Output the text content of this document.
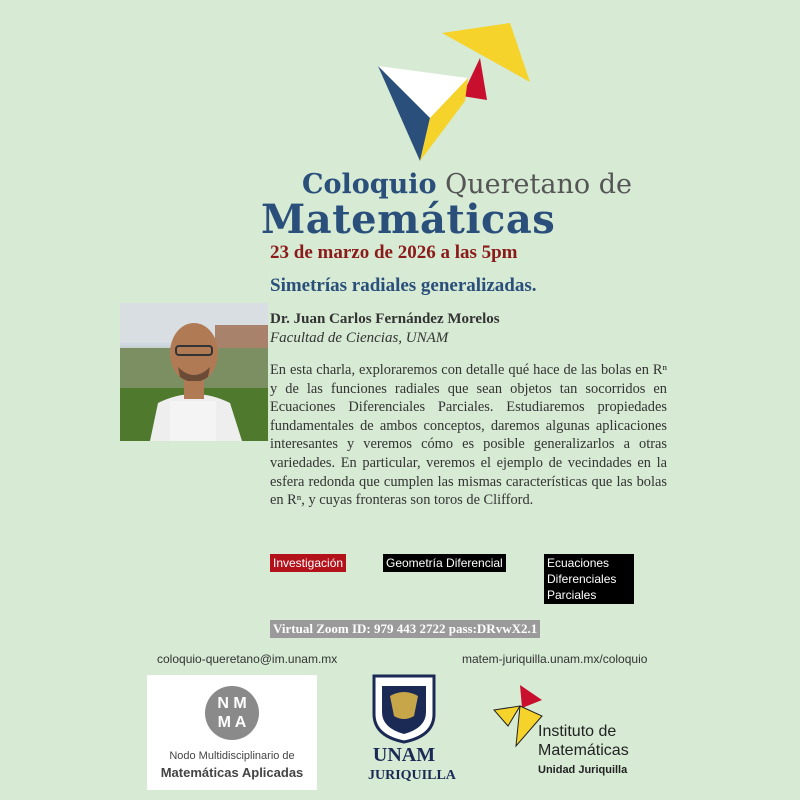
Coloquio Queretano de
Matemáticas
23 de marzo de 2026 a las 5pm
Simetrías radiales generalizadas.
Dr. Juan Carlos Fernández Morelos
Facultad de Ciencias, UNAM
En esta charla, exploraremos con detalle qué hace de las bolas en Rⁿ y de las funciones radiales que sean objetos tan socorridos en Ecuaciones Diferenciales Parciales. Estudiaremos propiedades fundamentales de ambos conceptos, daremos algunas aplicaciones interesantes y veremos cómo es posible generalizarlos a otras variedades. En particular, veremos el ejemplo de vecindades en la esfera redonda que cumplen las mismas características que las bolas en Rⁿ, y cuyas fronteras son toros de Clifford.
Investigación	Geometría Diferencial	Ecuaciones Diferenciales Parciales
Virtual Zoom ID: 979 443 2722 pass:DRvwX2.1
coloquio-queretano@im.unam.mx	matem-juriquilla.unam.mx/coloquio
N M
M A
Nodo Multidisciplinario de
Matemáticas Aplicadas
UNAM
JURIQUILLA
Instituto de
Matemáticas
Unidad Juriquilla
